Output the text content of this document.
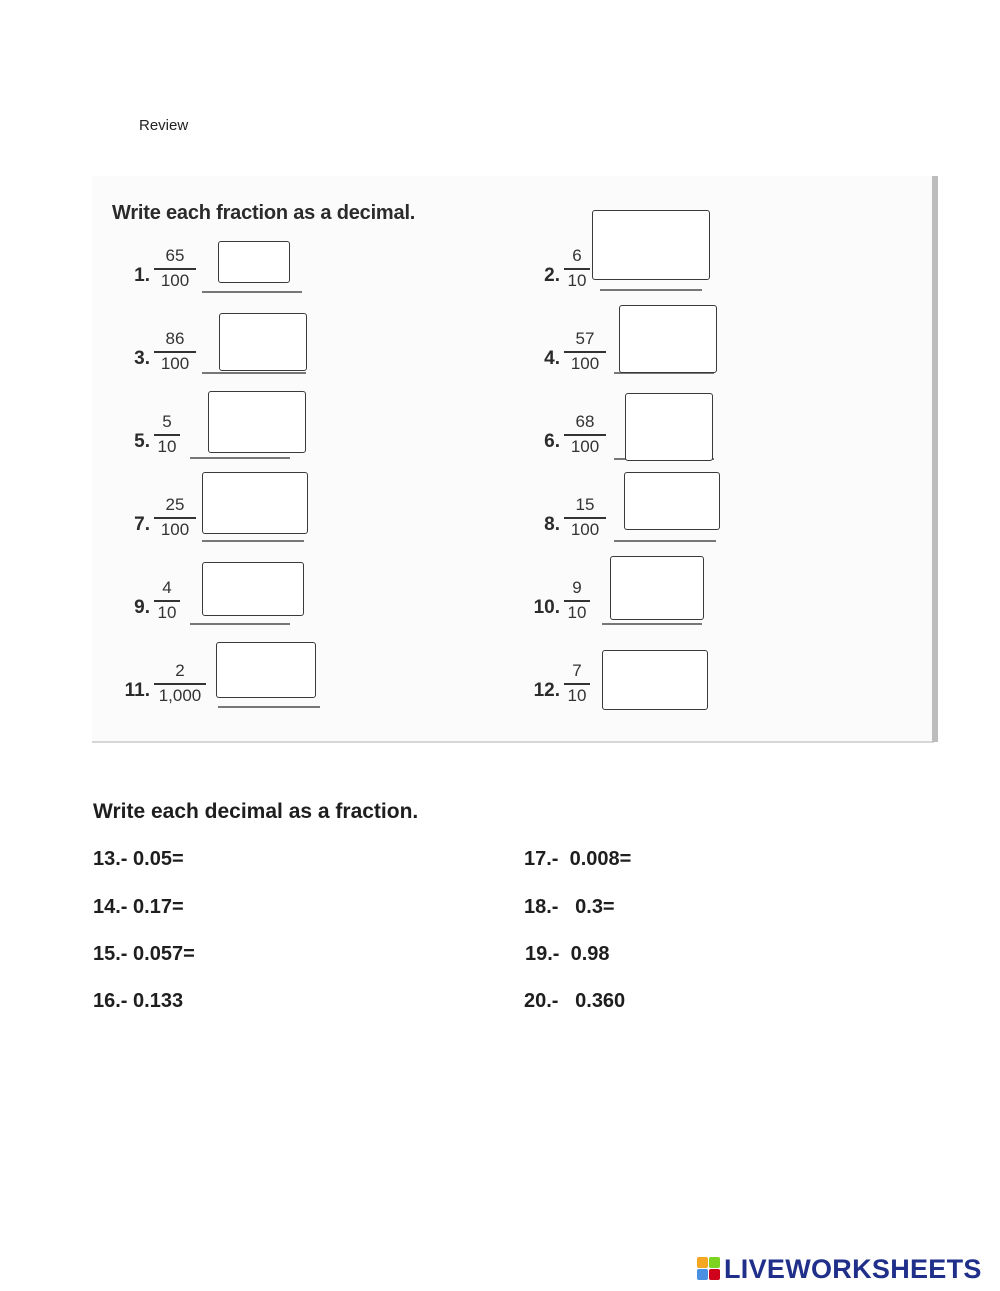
Review
Write each fraction as a decimal.
1.
65
100	2.
6
10
3.
86
100	4.
57
100
5.
5
10	6.
68
100
7.
25
100	8.
15
100
9.
4
10	10.
9
10
11.
2
1,000	12.
7
10
Write each decimal as a fraction.
13.- 0.05=
14.- 0.17=
15.- 0.057=
16.- 0.133
17.-  0.008=
18.-   0.3=
19.-  0.98
20.-   0.360
LIVEWORKSHEETS
